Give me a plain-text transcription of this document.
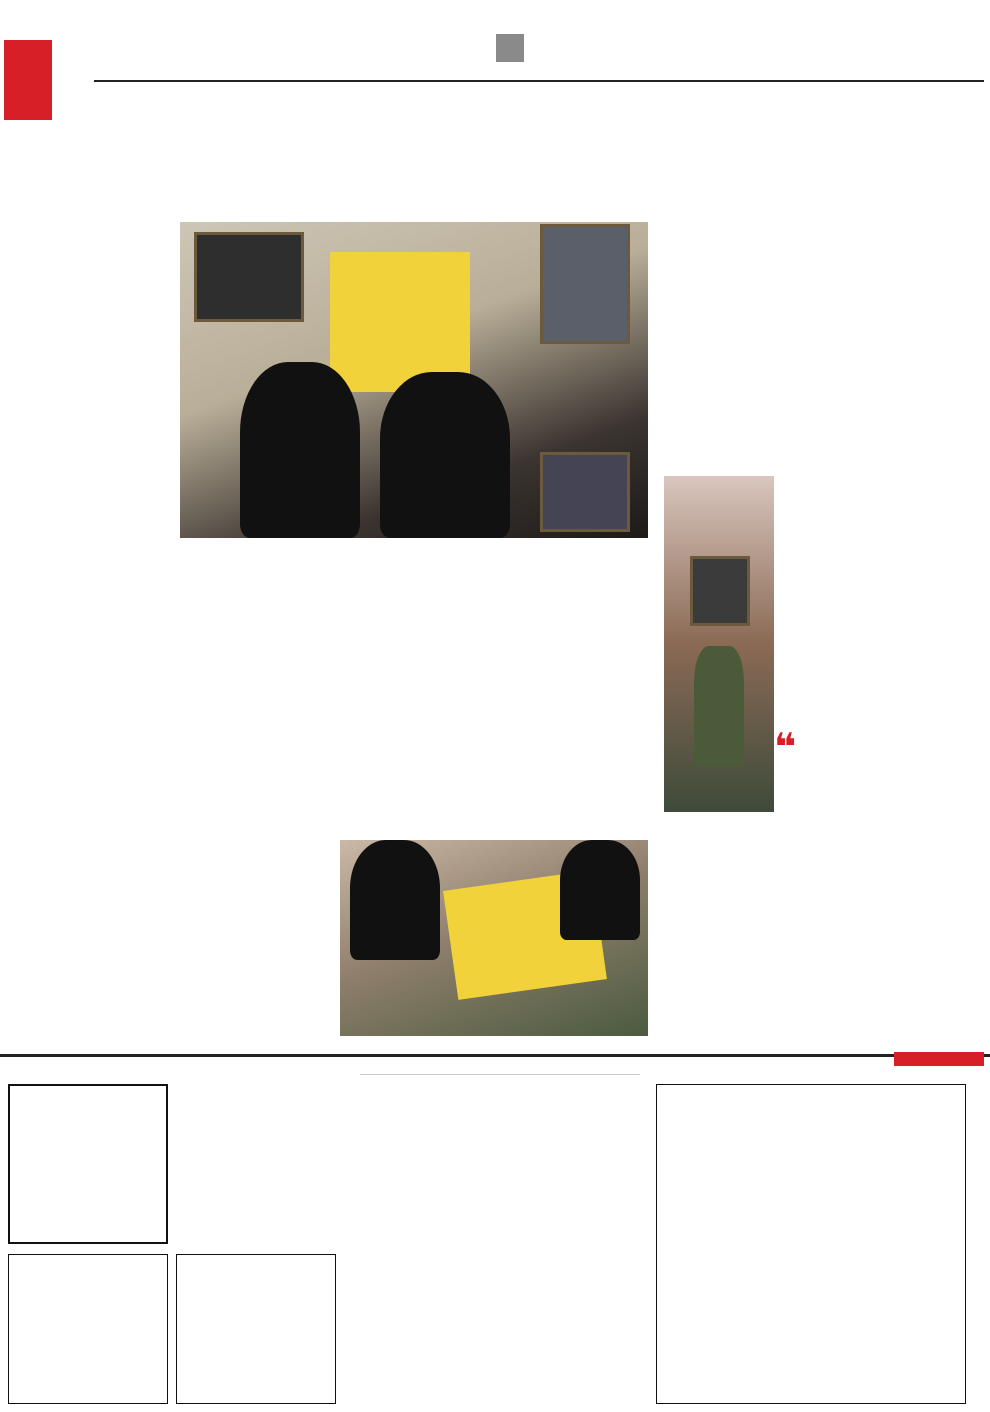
❝
